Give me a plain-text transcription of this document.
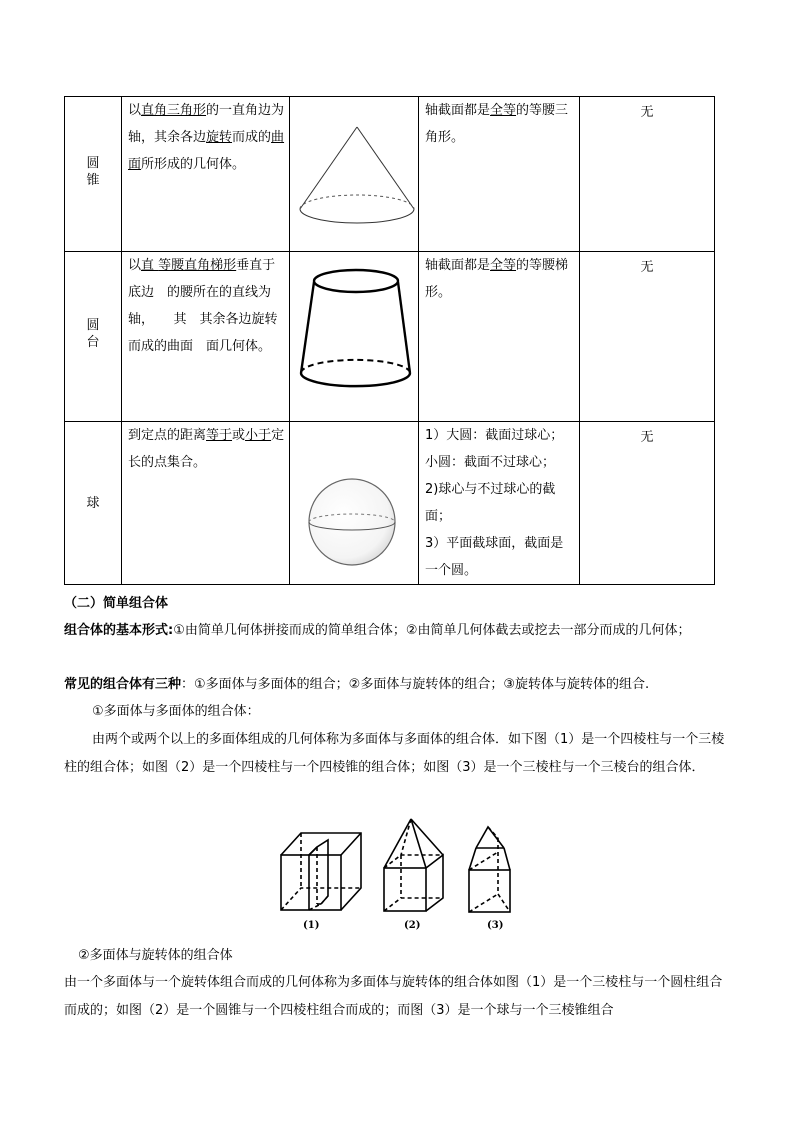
圆锥	以直角三角形的一直角边为轴，其余各边旋转而成的曲面所形成的几何体。		轴截面都是全等的等腰三角形。	无

圆台	以直 等腰直角梯形垂直于底边　的腰所在的直线为轴，　　其　其余各边旋转而成的曲面　面几何体。		轴截面都是全等的等腰梯形。	无

球	到定点的距离等于或小于定长的点集合。		1）大圆：截面过球心；
小圆：截面不过球心；
2)球心与不过球心的截面；
3）平面截球面，截面是一个圆。	无
（二）简单组合体
组合体的基本形式:①由简单几何体拼接而成的简单组合体；②由简单几何体截去或挖去一部分而成的几何体；
常见的组合体有三种：①多面体与多面体的组合；②多面体与旋转体的组合；③旋转体与旋转体的组合.
①多面体与多面体的组合体：
由两个或两个以上的多面体组成的几何体称为多面体与多面体的组合体．如下图（1）是一个四棱柱与一个三棱柱的组合体；如图（2）是一个四棱柱与一个四棱锥的组合体；如图（3）是一个三棱柱与一个三棱台的组合体．
(1)	(2)	(3)
②多面体与旋转体的组合体
由一个多面体与一个旋转体组合而成的几何体称为多面体与旋转体的组合体如图（1）是一个三棱柱与一个圆柱组合而成的；如图（2）是一个圆锥与一个四棱柱组合而成的；而图（3）是一个球与一个三棱锥组合
